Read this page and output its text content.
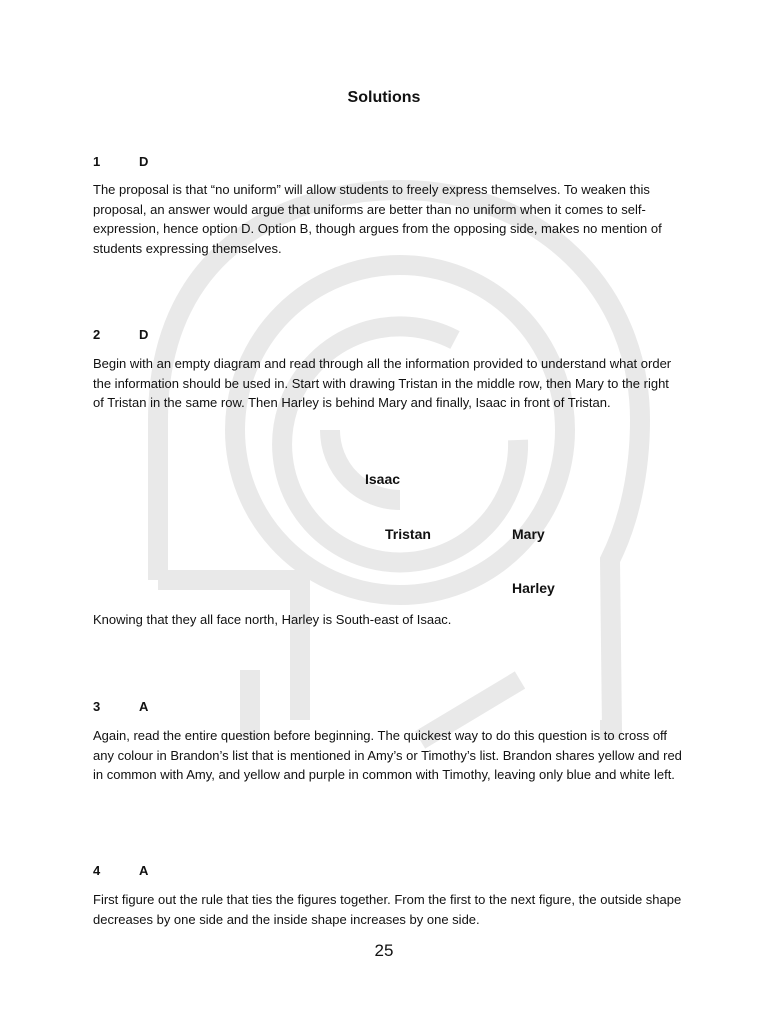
Solutions
1	D
The proposal is that “no uniform” will allow students to freely express themselves. To weaken this proposal, an answer would argue that uniforms are better than no uniform when it comes to self-expression, hence option D. Option B, though argues from the opposing side, makes no mention of students expressing themselves.
2	D
Begin with an empty diagram and read through all the information provided to understand what order the information should be used in. Start with drawing Tristan in the middle row, then Mary to the right of Tristan in the same row. Then Harley is behind Mary and finally, Isaac in front of Tristan.
Isaac
Tristan	Mary
Harley
Knowing that they all face north, Harley is South-east of Isaac.
3	A
Again, read the entire question before beginning. The quickest way to do this question is to cross off any colour in Brandon’s list that is mentioned in Amy’s or Timothy’s list. Brandon shares yellow and red in common with Amy, and yellow and purple in common with Timothy, leaving only blue and white left.
4	A
First figure out the rule that ties the figures together. From the first to the next figure, the outside shape decreases by one side and the inside shape increases by one side.
25
